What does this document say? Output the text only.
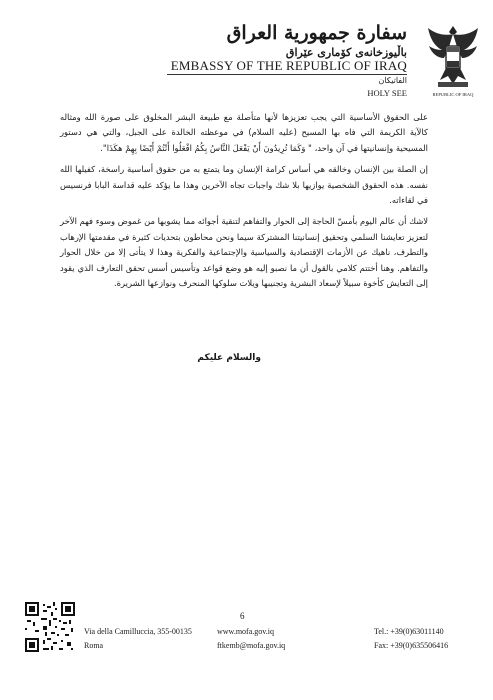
سفارة جمهورية العراق
باڵیوزخانەی کۆماری عێراق
EMBASSY OF THE REPUBLIC OF IRAQ
الفاتيكان
HOLY SEE	REPUBLIC OF IRAQ

على الحقوق الأساسية التي يجب تعزيزها لأنها متأصلة مع طبيعة البشر المخلوق على صورة الله ومثاله كالآية الكريمة التي فاه بها المسيح (عليه السلام) في موعظته الخالدة على الجبل، والتي هي دستور المسيحية وإنسانيتها في آن واحد، " وَكَمَا تُرِيدُونَ أَنْ يَفْعَلَ النَّاسُ بِكُمُ افْعَلُوا أَنْتُمْ أَيْضًا بِهِمْ هكَذَا".

إن الصلة بين الإنسان وخالقه هي أساس كرامة الإنسان وما يتمتع به من حقوق أساسية راسخة، كفيلها الله نفسه. هذه الحقوق الشخصية يوازيها بلا شك واجبات تجاه الآخرين وهذا ما يؤكد عليه قداسة البابا فرنسيس في لقاءاته.

لاشك أن عالم اليوم بأمسّ الحاجة إلى الحوار والتفاهم لتنقية أجوائه مما يشوبها من غموض وسوء فهم الآخر لتعزيز تعايشنا السلمي وتحقيق إنسانيتنا المشتركة سيما ونحن محاطون بتحديات كثيرة في مقدمتها الإرهاب والتطرف، ناهيك عن الأزمات الإقتصادية والسياسية والإجتماعية والفكرية وهذا لا يتأتى إلا من خلال الحوار والتفاهم. وهنا أختتم كلامي بالقول أن ما نصبو إليه هو وضع قواعد وتأسيس أسس تحقق التعارف الذي يقود إلى التعايش كأخوة سبيلاً لإسعاد البشرية وتجنيبها ويلات سلوكها المنحرف ونوازعها الشريرة.

والسلام عليكم
6
Via della Camilluccia, 355-00135
Roma
www.mofa.gov.iq
ftkemb@mofa.gov.iq
Tel.: +39(0)63011140
Fax: +39(0)635506416
